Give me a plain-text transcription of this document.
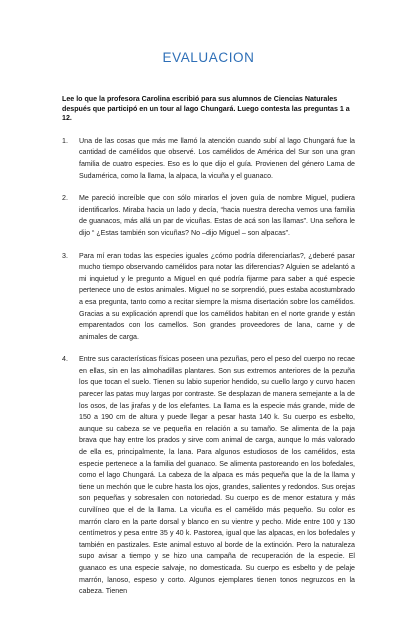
EVALUACION

Lee lo que la profesora Carolina escribió para sus alumnos de Ciencias Naturales después que participó en un tour al lago Chungará. Luego contesta las preguntas 1 a 12.

1. Una de las cosas que más me llamó la atención cuando subí al lago Chungará fue la cantidad de camélidos que observé. Los camélidos de América del Sur son una gran familia de cuatro especies. Eso es lo que dijo el guía. Provienen del género Lama de Sudamérica, como la llama, la alpaca, la vicuña y el guanaco.

2. Me pareció increíble que con sólo mirarlos el joven guía de nombre Miguel, pudiera identificarlos. Miraba hacia un lado y decía, “hacia nuestra derecha vemos una familia de guanacos, más allá un par de vicuñas. Estas de acá son las llamas”. Una señora le dijo “ ¿Estas también son vicuñas? No –dijo Miguel – son alpacas”.

3. Para mí eran todas las especies iguales ¿cómo podría diferenciarlas?, ¿deberé pasar mucho tiempo observando camélidos para notar las diferencias? Alguien se adelantó a mi inquietud y le pregunto a Miguel en qué podría fijarme para saber a qué especie pertenece uno de estos animales. Miguel no se sorprendió, pues estaba acostumbrado a esa pregunta, tanto como a recitar siempre la misma disertación sobre los camélidos. Gracias a su explicación aprendí que los camélidos habitan en el norte grande y están emparentados con los camellos. Son grandes proveedores de lana, carne y de animales de carga.

4. Entre sus características físicas poseen una pezuñas, pero el peso del cuerpo no recae en ellas, sin en las almohadillas plantares. Son sus extremos anteriores de la pezuña los que tocan el suelo. Tienen su labio superior hendido, su cuello largo y curvo hacen parecer las patas muy largas por contraste. Se desplazan de manera semejante a la de los osos, de las jirafas y de los elefantes. La llama es la especie más grande, mide de 150 a 190 cm de altura y puede llegar a pesar hasta 140 k. Su cuerpo es esbelto, aunque su cabeza se ve pequeña en relación a su tamaño. Se alimenta de la paja brava que hay entre los prados y sirve com animal de carga, aunque lo más valorado de ella es, principalmente, la lana. Para algunos estudiosos de los camélidos, esta especie pertenece a la familia del guanaco. Se alimenta pastoreando en los bofedales, como el lago Chungará. La cabeza de la alpaca es más pequeña que la de la llama y tiene un mechón que le cubre hasta los ojos, grandes, salientes y redondos. Sus orejas son pequeñas y sobresalen con notoriedad. Su cuerpo es de menor estatura y más curvilíneo que el de la llama. La vicuña es el camélido más pequeño. Su color es marrón claro en la parte dorsal y blanco en su vientre y pecho. Mide entre 100 y 130 centímetros y pesa entre 35 y 40 k. Pastorea, igual que las alpacas, en los bofedales y también en pastizales. Este animal estuvo al borde de la extinción. Pero la naturaleza supo avisar a tiempo y se hizo una campaña de recuperación de la especie. El guanaco es una especie salvaje, no domesticada. Su cuerpo es esbelto y de pelaje marrón, lanoso, espeso y corto. Algunos ejemplares tienen tonos negruzcos en la cabeza. Tienen
